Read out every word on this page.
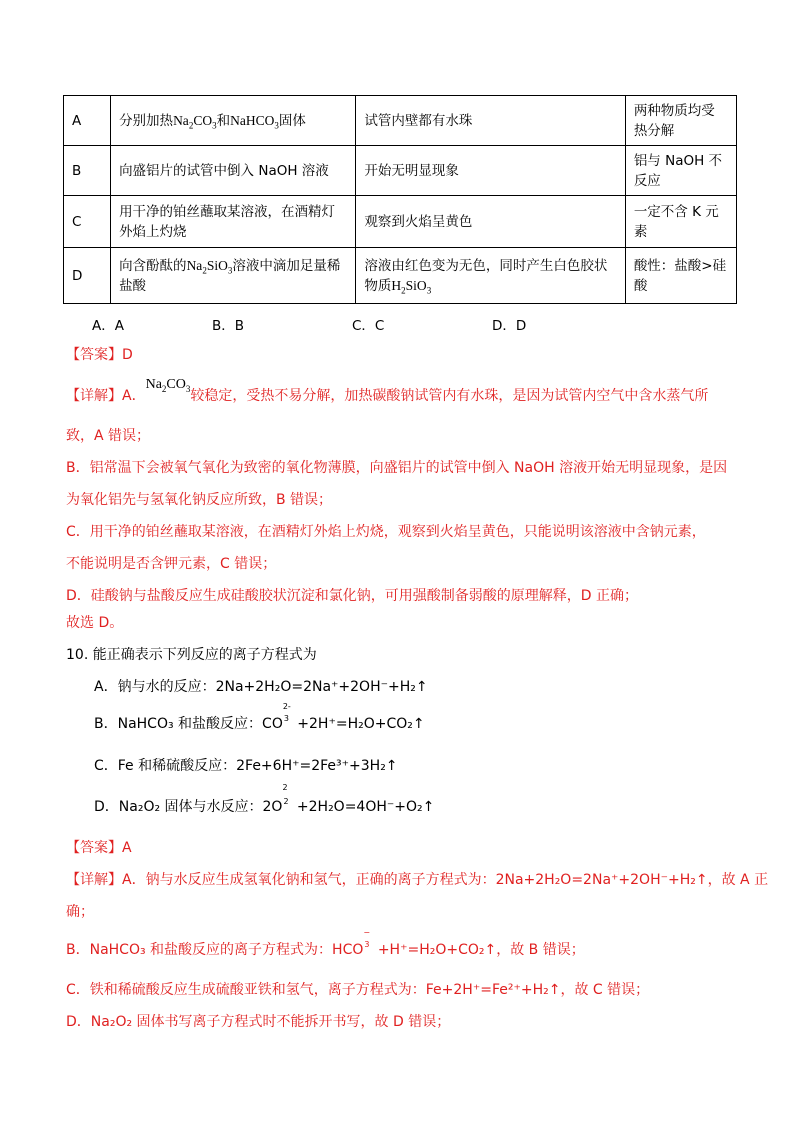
A	分别加热$Na_2CO_3$和NaHCO$_3$固体	试管内壁都有水珠	两种物质均受热分解
B	向盛铝片的试管中倒入 NaOH 溶液	开始无明显现象	铝与 NaOH 不反应
C	用干净的铂丝蘸取某溶液，在酒精灯外焰上灼烧	观察到火焰呈黄色	一定不含 K 元素
D	向含酚酞的$Na_2SiO_3$溶液中滴加足量稀盐酸	溶液由红色变为无色，同时产生白色胶状物质$H_2SiO_3$	酸性：盐酸>硅酸
A．A	B．B	C．C	D．D
【答案】D
【详解】A．$Na_2CO_3$较稳定，受热不易分解，加热碳酸钠试管内有水珠，是因为试管内空气中含水蒸气所
致，A 错误；
B．铝常温下会被氧气氧化为致密的氧化物薄膜，向盛铝片的试管中倒入 NaOH 溶液开始无明显现象，是因
为氧化铝先与氢氧化钠反应所致，B 错误；
C．用干净的铂丝蘸取某溶液，在酒精灯外焰上灼烧，观察到火焰呈黄色，只能说明该溶液中含钠元素，
不能说明是否含钾元素，C 错误；
D．硅酸钠与盐酸反应生成硅酸胶状沉淀和氯化钠，可用强酸制备弱酸的原理解释，D 正确；
故选 D。
10. 能正确表示下列反应的离子方程式为
A．钠与水的反应：2Na+2H₂O=2Na⁺+2OH⁻+H₂↑
B．NaHCO₃ 和盐酸反应：CO
2-
3 +2H⁺=H₂O+CO₂↑
C．Fe 和稀硫酸反应：2Fe+6H⁺=2Fe³⁺+3H₂↑
D．Na₂O₂ 固体与水反应：2O
2
2 +2H₂O=4OH⁻+O₂↑
【答案】A
【详解】A．钠与水反应生成氢氧化钠和氢气，正确的离子方程式为：2Na+2H₂O=2Na⁺+2OH⁻+H₂↑，故 A 正
确；
B．NaHCO₃ 和盐酸反应的离子方程式为：HCO
−
3 +H⁺=H₂O+CO₂↑，故 B 错误；
C．铁和稀硫酸反应生成硫酸亚铁和氢气，离子方程式为：Fe+2H⁺=Fe²⁺+H₂↑，故 C 错误；
D．Na₂O₂ 固体书写离子方程式时不能拆开书写，故 D 错误；
